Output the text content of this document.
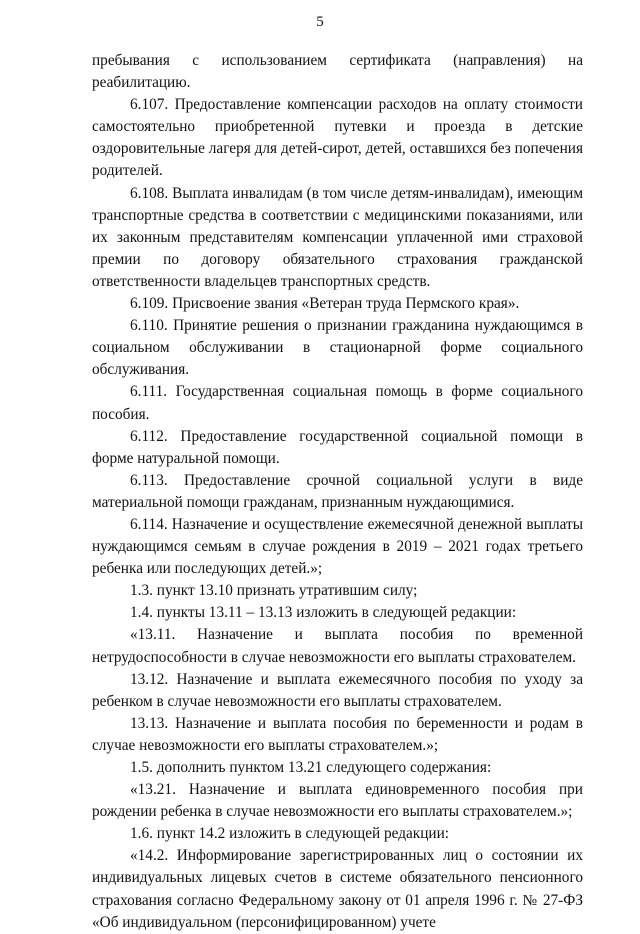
5

пребывания с использованием сертификата (направления) на реабилитацию.

6.107. Предоставление компенсации расходов на оплату стоимости самостоятельно приобретенной путевки и проезда в детские оздоровительные лагеря для детей-сирот, детей, оставшихся без попечения родителей.

6.108. Выплата инвалидам (в том числе детям-инвалидам), имеющим транспортные средства в соответствии с медицинскими показаниями, или их законным представителям компенсации уплаченной ими страховой премии по договору обязательного страхования гражданской ответственности владельцев транспортных средств.

6.109. Присвоение звания «Ветеран труда Пермского края».

6.110. Принятие решения о признании гражданина нуждающимся в социальном обслуживании в стационарной форме социального обслуживания.

6.111. Государственная социальная помощь в форме социального пособия.

6.112. Предоставление государственной социальной помощи в форме натуральной помощи.

6.113. Предоставление срочной социальной услуги в виде материальной помощи гражданам, признанным нуждающимися.

6.114. Назначение и осуществление ежемесячной денежной выплаты нуждающимся семьям в случае рождения в 2019 – 2021 годах третьего ребенка или последующих детей.»;

1.3. пункт 13.10 признать утратившим силу;

1.4. пункты 13.11 – 13.13 изложить в следующей редакции:

«13.11. Назначение и выплата пособия по временной нетрудоспособности в случае невозможности его выплаты страхователем.

13.12. Назначение и выплата ежемесячного пособия по уходу за ребенком в случае невозможности его выплаты страхователем.

13.13. Назначение и выплата пособия по беременности и родам в случае невозможности его выплаты страхователем.»;

1.5. дополнить пунктом 13.21 следующего содержания:

«13.21. Назначение и выплата единовременного пособия при рождении ребенка в случае невозможности его выплаты страхователем.»;

1.6. пункт 14.2 изложить в следующей редакции:

«14.2. Информирование зарегистрированных лиц о состоянии их индивидуальных лицевых счетов в системе обязательного пенсионного страхования согласно Федеральному закону от 01 апреля 1996 г. № 27-ФЗ «Об индивидуальном (персонифицированном) учете
